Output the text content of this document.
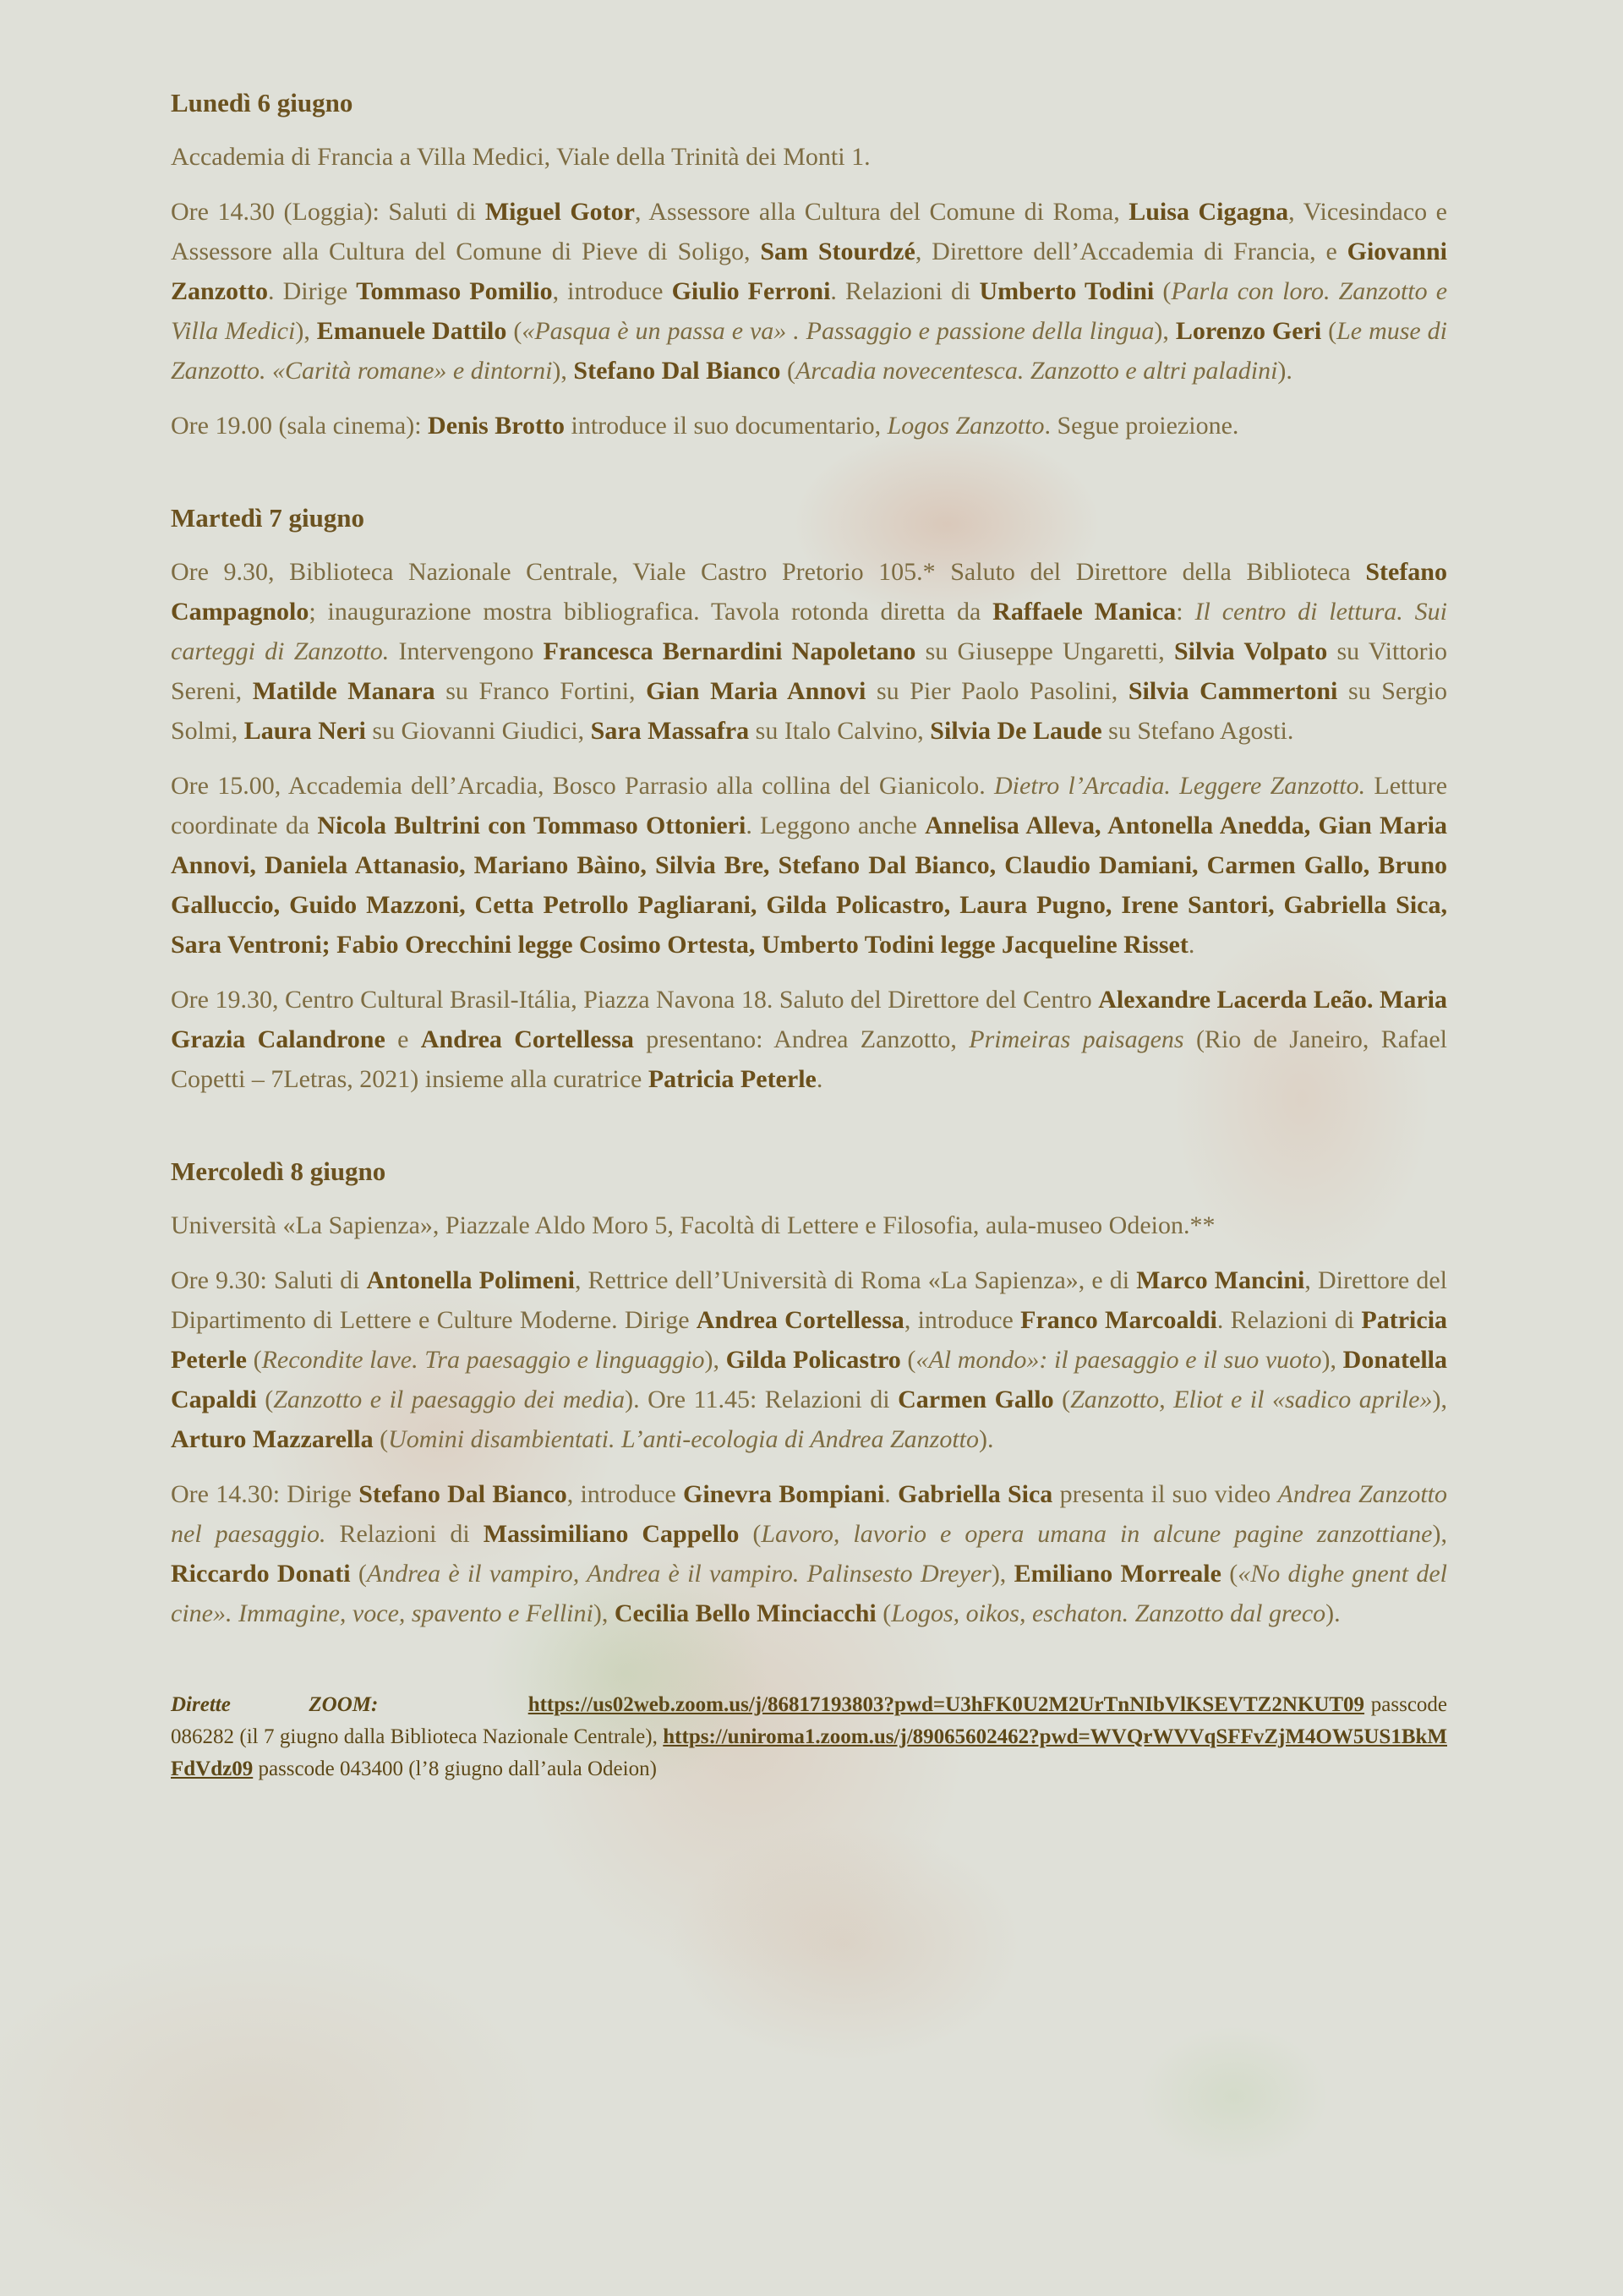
Lunedì 6 giugno

Accademia di Francia a Villa Medici, Viale della Trinità dei Monti 1.

Ore 14.30 (Loggia): Saluti di Miguel Gotor, Assessore alla Cultura del Comune di Roma, Luisa Cigagna, Vicesindaco e Assessore alla Cultura del Comune di Pieve di Soligo, Sam Stourdzé, Direttore dell’Accademia di Francia, e Giovanni Zanzotto. Dirige Tommaso Pomilio, introduce Giulio Ferroni. Relazioni di Umberto Todini (Parla con loro. Zanzotto e Villa Medici), Emanuele Dattilo («Pasqua è un passa e va» . Passaggio e passione della lingua), Lorenzo Geri (Le muse di Zanzotto. «Carità romane» e dintorni), Stefano Dal Bianco (Arcadia novecentesca. Zanzotto e altri paladini).

Ore 19.00 (sala cinema): Denis Brotto introduce il suo documentario, Logos Zanzotto. Segue proiezione.

Martedì 7 giugno

Ore 9.30, Biblioteca Nazionale Centrale, Viale Castro Pretorio 105.* Saluto del Direttore della Biblioteca Stefano Campagnolo; inaugurazione mostra bibliografica. Tavola rotonda diretta da Raffaele Manica: Il centro di lettura. Sui carteggi di Zanzotto. Intervengono Francesca Bernardini Napoletano su Giuseppe Ungaretti, Silvia Volpato su Vittorio Sereni, Matilde Manara su Franco Fortini, Gian Maria Annovi su Pier Paolo Pasolini, Silvia Cammertoni su Sergio Solmi, Laura Neri su Giovanni Giudici, Sara Massafra su Italo Calvino, Silvia De Laude su Stefano Agosti.

Ore 15.00, Accademia dell’Arcadia, Bosco Parrasio alla collina del Gianicolo. Dietro l’Arcadia. Leggere Zanzotto. Letture coordinate da Nicola Bultrini con Tommaso Ottonieri. Leggono anche Annelisa Alleva, Antonella Anedda, Gian Maria Annovi, Daniela Attanasio, Mariano Bàino, Silvia Bre, Stefano Dal Bianco, Claudio Damiani, Carmen Gallo, Bruno Galluccio, Guido Mazzoni, Cetta Petrollo Pagliarani, Gilda Policastro, Laura Pugno, Irene Santori, Gabriella Sica, Sara Ventroni; Fabio Orecchini legge Cosimo Ortesta, Umberto Todini legge Jacqueline Risset.

Ore 19.30, Centro Cultural Brasil-Itália, Piazza Navona 18. Saluto del Direttore del Centro Alexandre Lacerda Leão. Maria Grazia Calandrone e Andrea Cortellessa presentano: Andrea Zanzotto, Primeiras paisagens (Rio de Janeiro, Rafael Copetti – 7Letras, 2021) insieme alla curatrice Patricia Peterle.

Mercoledì 8 giugno

Università «La Sapienza», Piazzale Aldo Moro 5, Facoltà di Lettere e Filosofia, aula-museo Odeion.**

Ore 9.30: Saluti di Antonella Polimeni, Rettrice dell’Università di Roma «La Sapienza», e di Marco Mancini, Direttore del Dipartimento di Lettere e Culture Moderne. Dirige Andrea Cortellessa, introduce Franco Marcoaldi. Relazioni di Patricia Peterle (Recondite lave. Tra paesaggio e linguaggio), Gilda Policastro («Al mondo»: il paesaggio e il suo vuoto), Donatella Capaldi (Zanzotto e il paesaggio dei media). Ore 11.45: Relazioni di Carmen Gallo (Zanzotto, Eliot e il «sadico aprile»), Arturo Mazzarella (Uomini disambientati. L’anti-ecologia di Andrea Zanzotto).

Ore 14.30: Dirige Stefano Dal Bianco, introduce Ginevra Bompiani. Gabriella Sica presenta il suo video Andrea Zanzotto nel paesaggio. Relazioni di Massimiliano Cappello (Lavoro, lavorio e opera umana in alcune pagine zanzottiane), Riccardo Donati (Andrea è il vampiro, Andrea è il vampiro. Palinsesto Dreyer), Emiliano Morreale («No dighe gnent del cine». Immagine, voce, spavento e Fellini), Cecilia Bello Minciacchi (Logos, oikos, eschaton. Zanzotto dal greco).

Dirette	ZOOM:	https://us02web.zoom.us/j/86817193803?pwd=U3hFK0U2M2UrTnNIbVlKSEVTZ2NKUT09 passcode 086282 (il 7 giugno dalla Biblioteca Nazionale Centrale), https://uniroma1.zoom.us/j/89065602462?pwd=WVQrWVVqSFFvZjM4OW5US1BkMFdVdz09 passcode 043400 (l’8 giugno dall’aula Odeion)
